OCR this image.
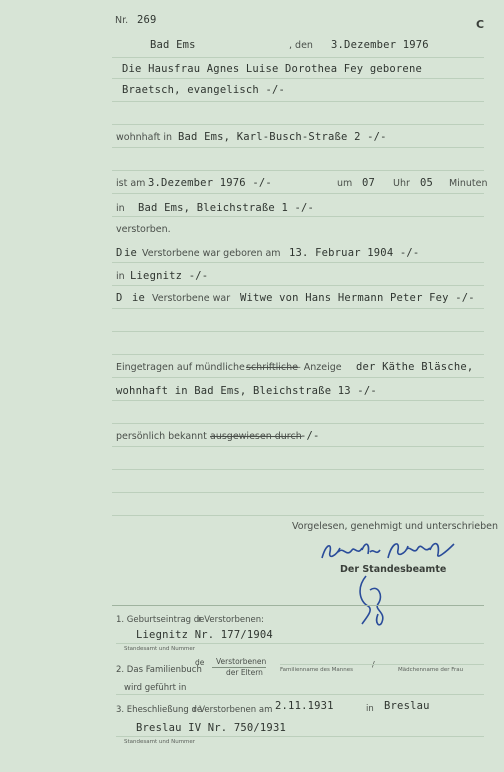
Nr. 269	C
Bad Ems	, den 3.Dezember 1976
Die Hausfrau Agnes Luise Dorothea Fey geborene
Braetsch, evangelisch -/-
wohnhaft in Bad Ems, Karl-Busch-Straße 2 -/-
ist am 3.Dezember 1976 -/-	um 07 Uhr 05 Minuten
in Bad Ems, Bleichstraße 1 -/-
verstorben.
D ie Verstorbene war geboren am 13. Februar 1904 -/-
in Liegnitz -/-
D ie Verstorbene war Witwe von Hans Hermann Peter Fey -/-
Eingetragen auf mündliche –
schriftliche
– Anzeige der Käthe Bläsche,
wohnhaft in Bad Ems, Bleichstraße 13 -/-
persönlich bekannt –
ausgewiesen durch
-/-
Vorgelesen, genehmigt und unterschrieben
Der Standesbeamte
1. Geburtseintrag de
r Verstorbenen:
Liegnitz Nr. 177/1904
Standesamt und Nummer
2. Das Familienbuch
de Verstorbenen
der Eltern	Familienname des Mannes
/
Mädchenname der Frau
wird geführt in
3. Eheschließung de
r Verstorbenen am 2.11.1931	in Breslau
Breslau IV Nr. 750/1931
Standesamt und Nummer
